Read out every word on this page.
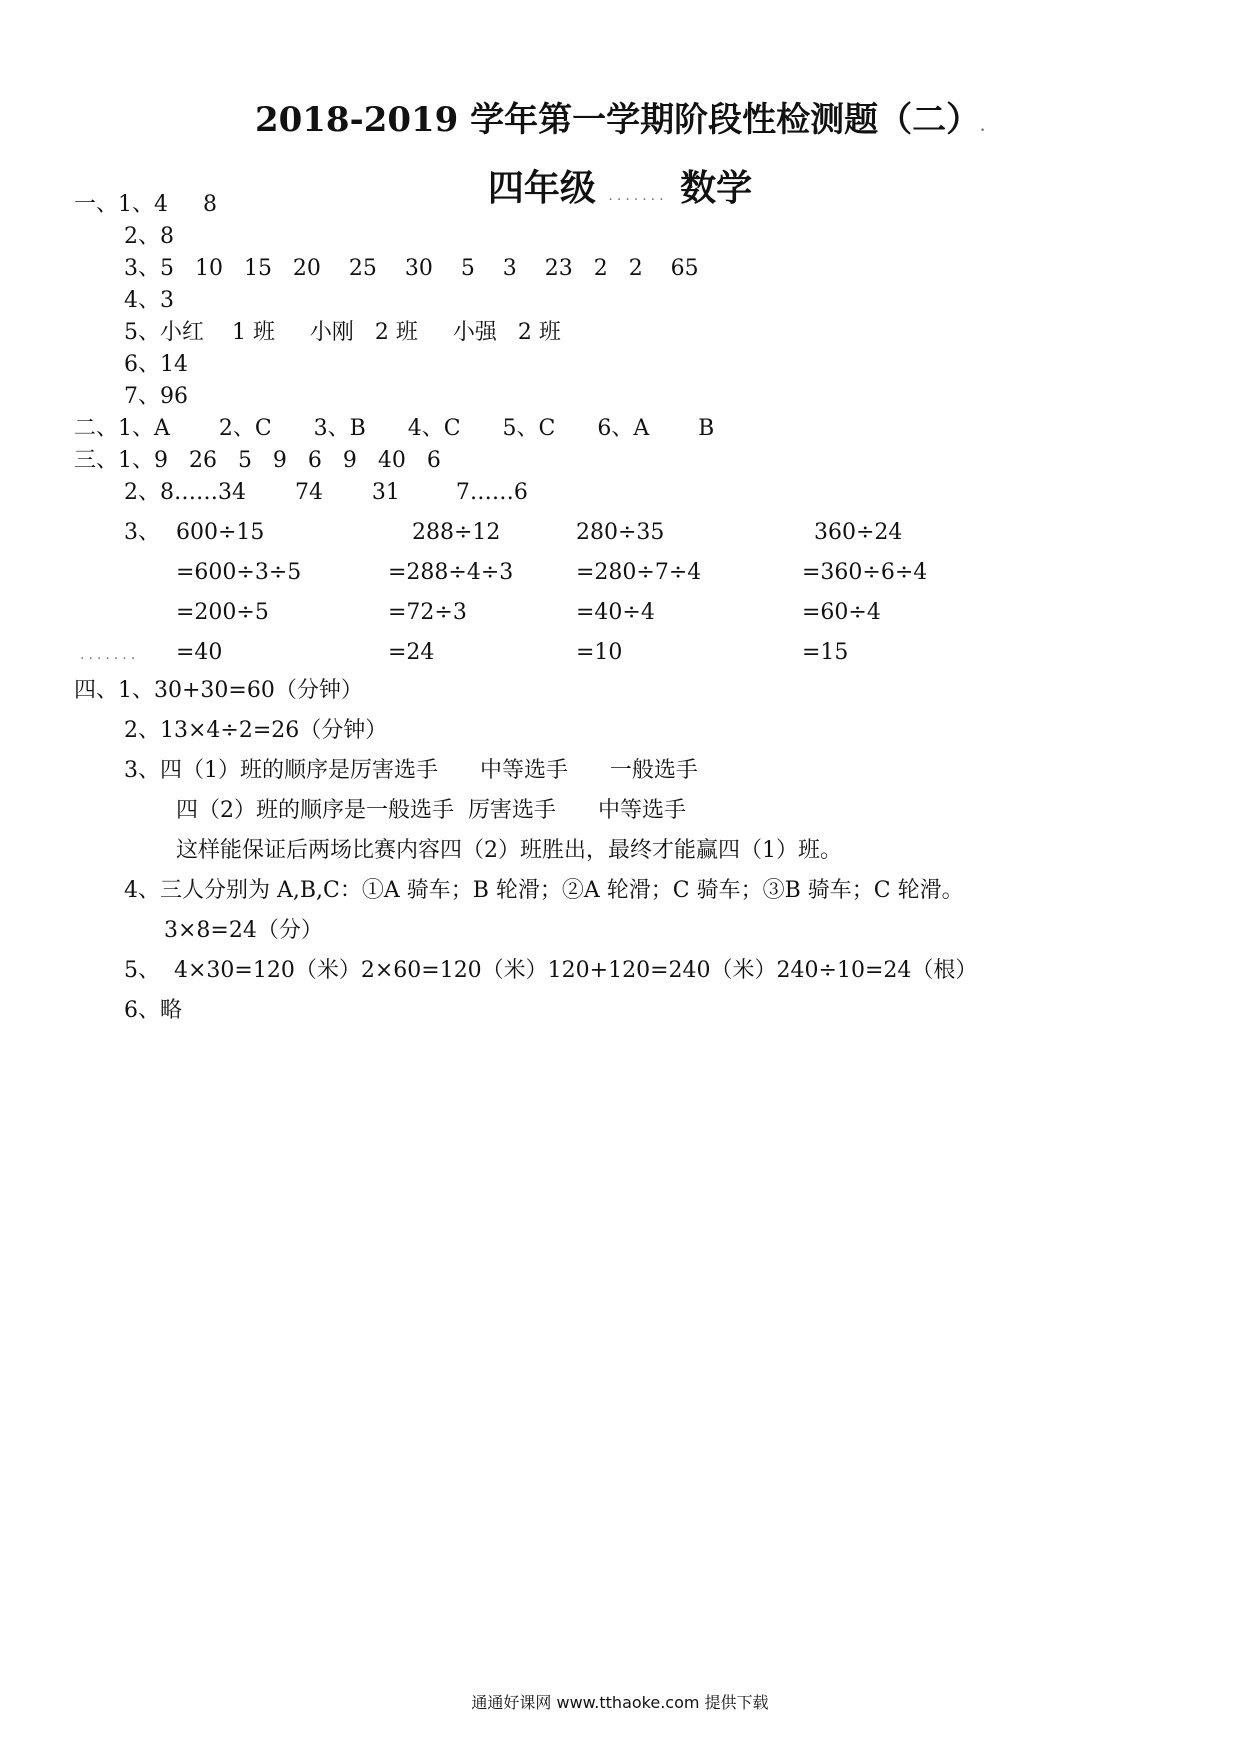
2018-2019 学年第一学期阶段性检测题（二）.
四年级 ....... 数学
一、1、4     8
2、8
3、5   10   15   20    25    30    5    3    23   2   2    65
4、3
5、小红    1 班     小刚   2 班     小强   2 班
6、14
7、96
二、1、A       2、C      3、B      4、C      5、C      6、A       B
三、1、9   26   5   9   6   9   40   6
2、8……34       74       31        7……6
3、 600÷15
=600÷3÷5
=200÷5
....... =40
288÷12
=288÷4÷3
=72÷3
=24
280÷35
=280÷7÷4
=40÷4
=10
360÷24
=360÷6÷4
=60÷4
=15
四、1、30+30=60（分钟）
2、13×4÷2=26（分钟）
3、四（1）班的顺序是厉害选手      中等选手      一般选手
四（2）班的顺序是一般选手  厉害选手      中等选手
这样能保证后两场比赛内容四（2）班胜出，最终才能赢四（1）班。
4、三人分别为 A,B,C：①A 骑车；B 轮滑；②A 轮滑；C 骑车；③B 骑车；C 轮滑。
3×8=24（分）
5、  4×30=120（米）2×60=120（米）120+120=240（米）240÷10=24（根）
6、略
通通好课网 www.tthaoke.com 提供下载
